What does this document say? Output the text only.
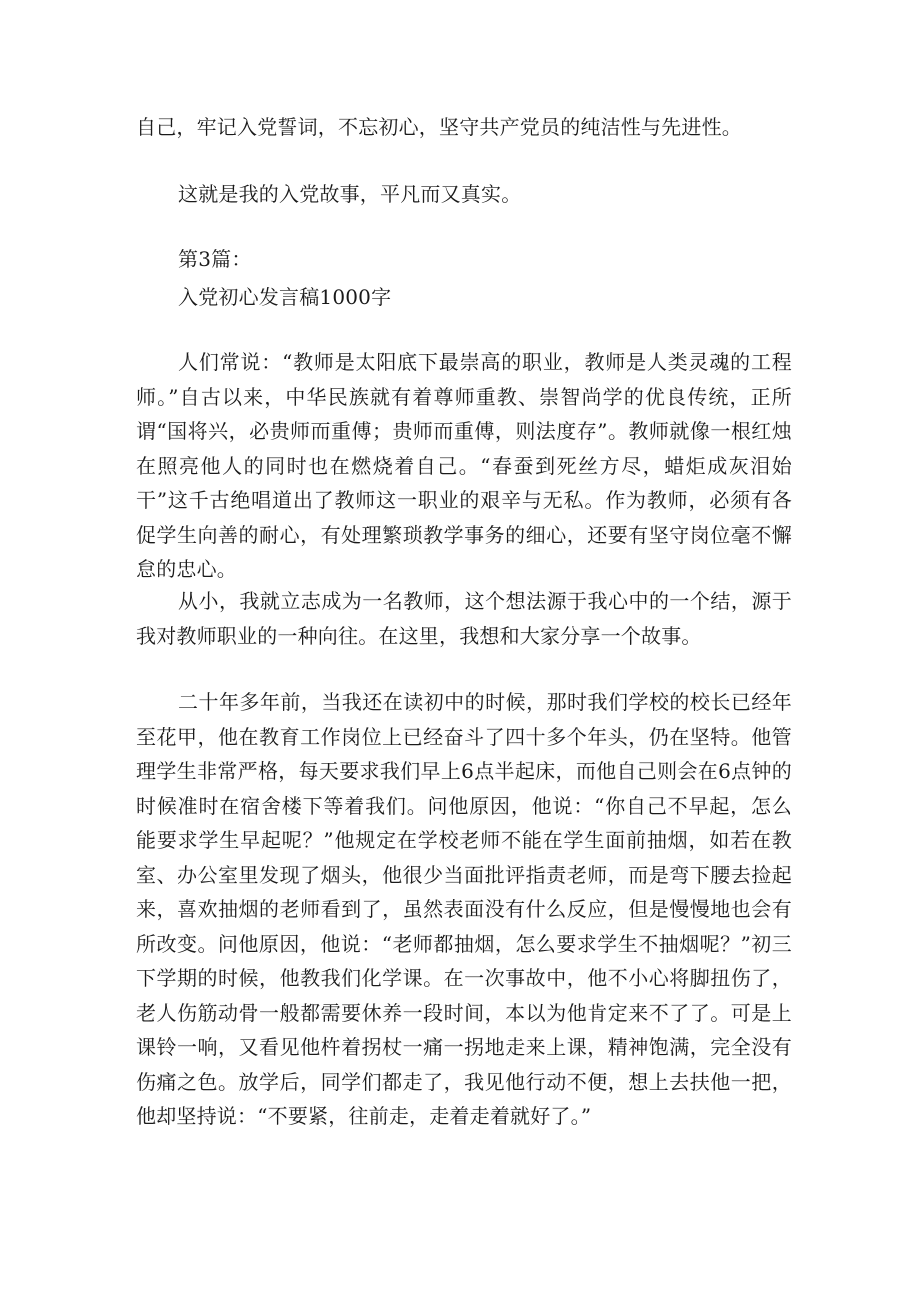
自己，牢记入党誓词，不忘初心，坚守共产党员的纯洁性与先进性。

这就是我的入党故事，平凡而又真实。

第3篇：

入党初心发言稿1000字

人们常说：“教师是太阳底下最崇高的职业，教师是人类灵魂的工程师。”自古以来，中华民族就有着尊师重教、崇智尚学的优良传统，正所谓“国将兴，必贵师而重傅；贵师而重傅，则法度存”。教师就像一根红烛在照亮他人的同时也在燃烧着自己。“春蚕到死丝方尽，蜡炬成灰泪始干”这千古绝唱道出了教师这一职业的艰辛与无私。作为教师，必须有各促学生向善的耐心，有处理繁琐教学事务的细心，还要有坚守岗位毫不懈怠的忠心。

从小，我就立志成为一名教师，这个想法源于我心中的一个结，源于我对教师职业的一种向往。在这里，我想和大家分享一个故事。

二十年多年前，当我还在读初中的时候，那时我们学校的校长已经年至花甲，他在教育工作岗位上已经奋斗了四十多个年头，仍在坚特。他管理学生非常严格，每天要求我们早上6点半起床，而他自己则会在6点钟的时候准时在宿舍楼下等着我们。问他原因，他说：“你自己不早起，怎么能要求学生早起呢？”他规定在学校老师不能在学生面前抽烟，如若在教室、办公室里发现了烟头，他很少当面批评指责老师，而是弯下腰去捡起来，喜欢抽烟的老师看到了，虽然表面没有什么反应，但是慢慢地也会有所改变。问他原因，他说：“老师都抽烟，怎么要求学生不抽烟呢？”初三下学期的时候，他教我们化学课。在一次事故中，他不小心将脚扭伤了，老人伤筋动骨一般都需要休养一段时间，本以为他肯定来不了了。可是上课铃一响，又看见他杵着拐杖一痛一拐地走来上课，精神饱满，完全没有伤痛之色。放学后，同学们都走了，我见他行动不便，想上去扶他一把，他却坚持说：“不要紧，往前走，走着走着就好了。”
